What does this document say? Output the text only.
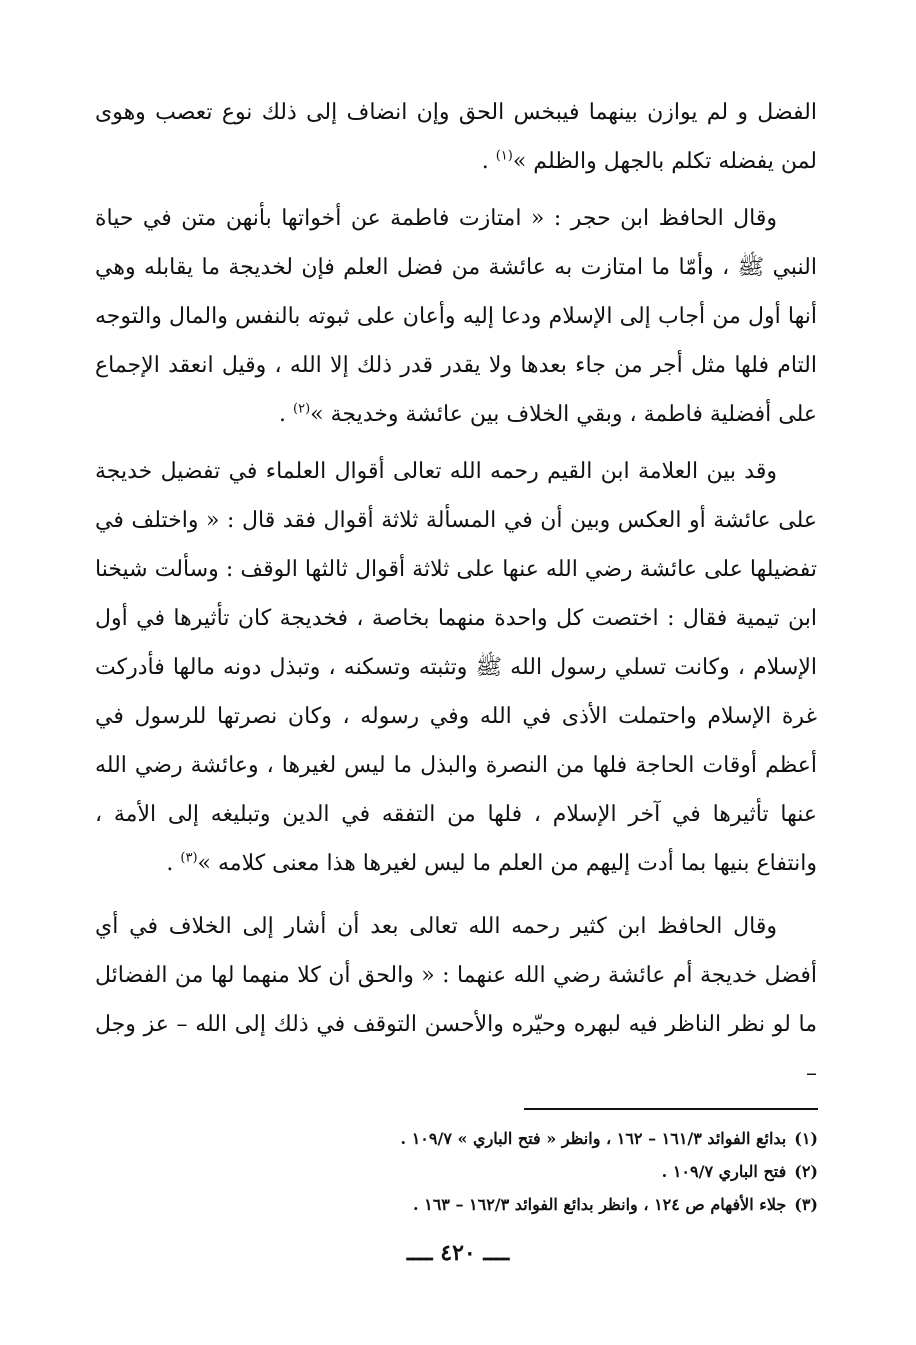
الفضل و لم يوازن بينهما فيبخس الحق وإن انضاف إلى ذلك نوع تعصب وهوى لمن يفضله تكلم بالجهل والظلم »$^{(١)}$ .

وقال الحافظ ابن حجر : « امتازت فاطمة عن أخواتها بأنهن متن في حياة النبي ﷺ ، وأمّا ما امتازت به عائشة من فضل العلم فإن لخديجة ما يقابله وهي أنها أول من أجاب إلى الإسلام ودعا إليه وأعان على ثبوته بالنفس والمال والتوجه التام فلها مثل أجر من جاء بعدها ولا يقدر قدر ذلك إلا الله ، وقيل انعقد الإجماع على أفضلية فاطمة ، وبقي الخلاف بين عائشة وخديجة »$^{(٢)}$ .

وقد بين العلامة ابن القيم رحمه الله تعالى أقوال العلماء في تفضيل خديجة على عائشة أو العكس وبين أن في المسألة ثلاثة أقوال فقد قال : « واختلف في تفضيلها على عائشة رضي الله عنها على ثلاثة أقوال ثالثها الوقف : وسألت شيخنا ابن تيمية فقال : اختصت كل واحدة منهما بخاصة ، فخديجة كان تأثيرها في أول الإسلام ، وكانت تسلي رسول الله ﷺ وتثبته وتسكنه ، وتبذل دونه مالها فأدركت غرة الإسلام واحتملت الأذى في الله وفي رسوله ، وكان نصرتها للرسول في أعظم أوقات الحاجة فلها من النصرة والبذل ما ليس لغيرها ، وعائشة رضي الله عنها تأثيرها في آخر الإسلام ، فلها من التفقه في الدين وتبليغه إلى الأمة ، وانتفاع بنيها بما أدت إليهم من العلم ما ليس لغيرها هذا معنى كلامه »$^{(٣)}$ .

وقال الحافظ ابن كثير رحمه الله تعالى بعد أن أشار إلى الخلاف في أي أفضل خديجة أم عائشة رضي الله عنهما : « والحق أن كلا منهما لها من الفضائل ما لو نظر الناظر فيه لبهره وحيّره والأحسن التوقف في ذلك إلى الله – عز وجل –

(١)بدائع الفوائد ١٦١/٣ – ١٦٢ ، وانظر « فتح الباري » ١٠٩/٧ .
(٢)فتح الباري ١٠٩/٧ .
(٣)جلاء الأفهام ص ١٢٤ ، وانظر بدائع الفوائد ١٦٢/٣ – ١٦٣ .
ــــ ٤٢٠ ــــ
